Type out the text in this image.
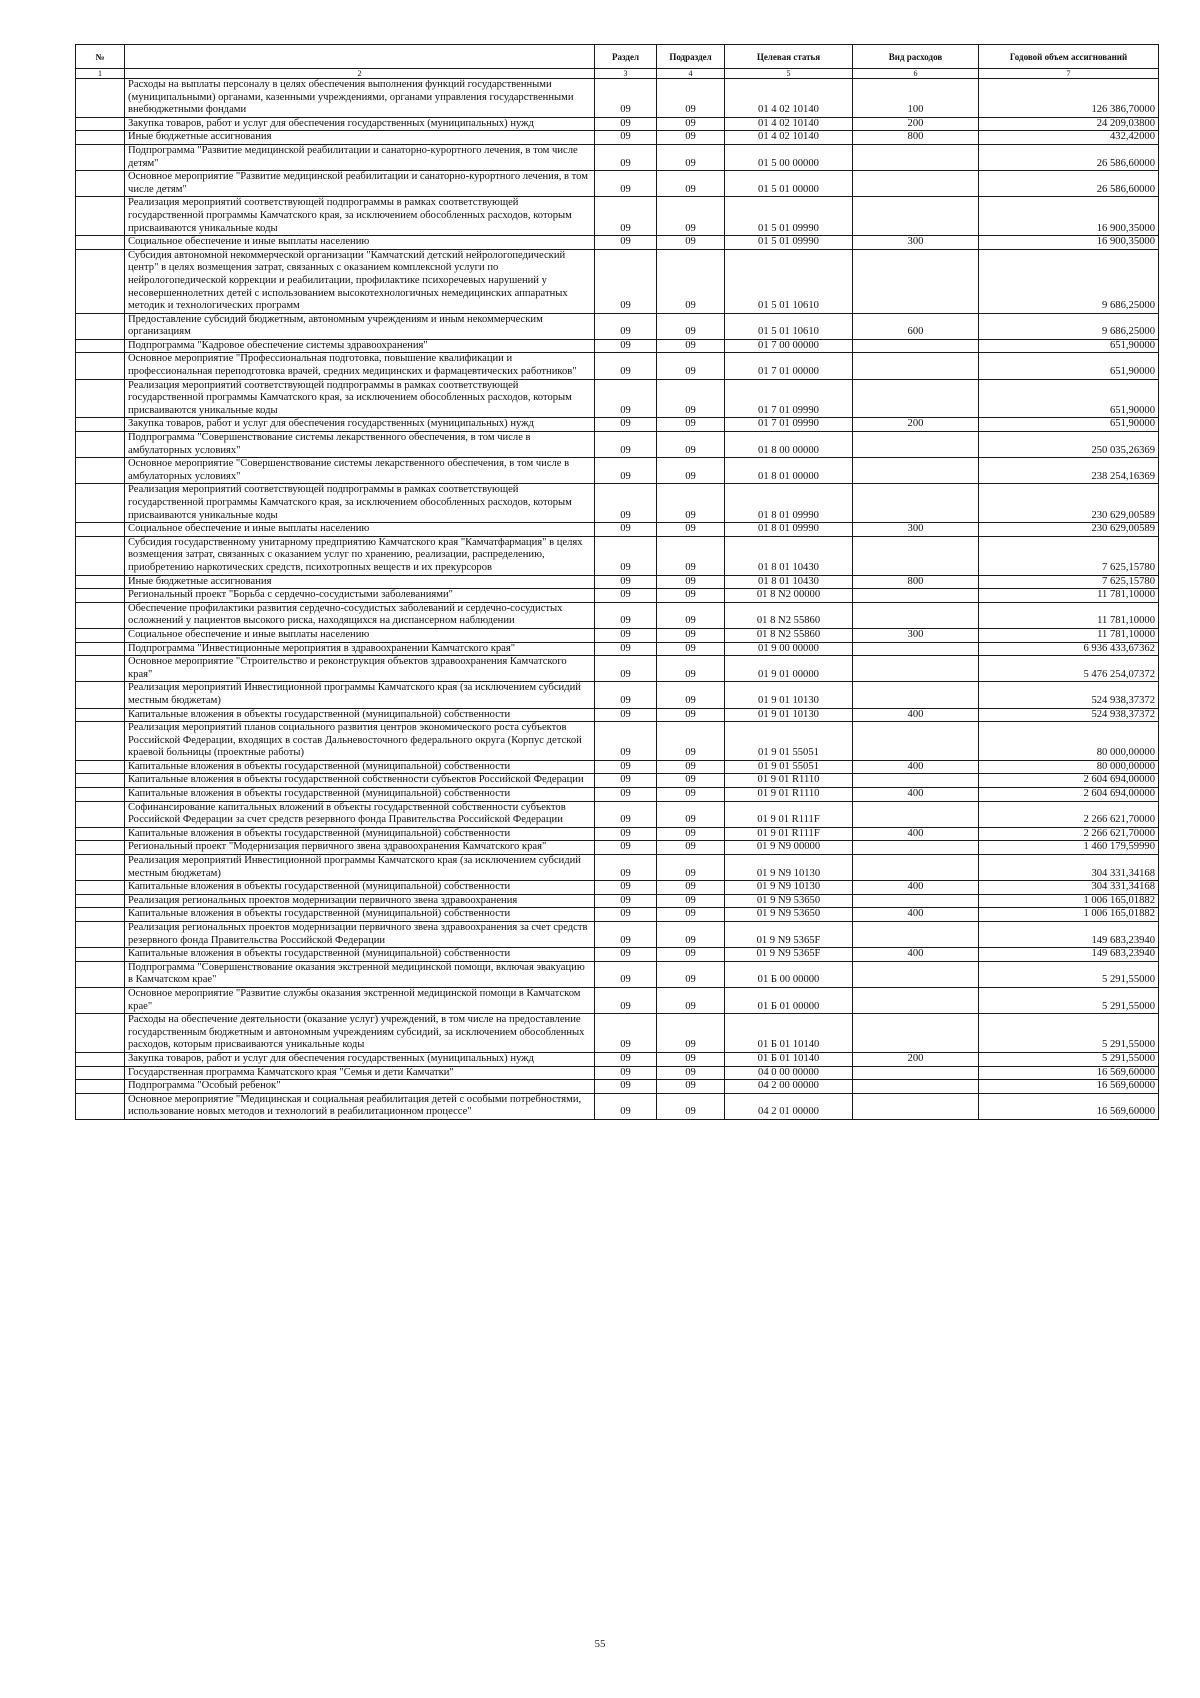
№		Раздел	Подраздел	Целевая статья	Вид расходов	Годовой объем ассигнований
1	2	3	4	5	6	7
	Расходы на выплаты персоналу в целях обеспечения выполнения функций государственными (муниципальными) органами, казенными учреждениями, органами управления государственными внебюджетными фондами	09	09	01 4 02 10140	100	126 386,70000
	Закупка товаров, работ и услуг для обеспечения государственных (муниципальных) нужд	09	09	01 4 02 10140	200	24 209,03800
	Иные бюджетные ассигнования	09	09	01 4 02 10140	800	432,42000
	Подпрограмма "Развитие медицинской реабилитации и санаторно-курортного лечения, в том числе детям"	09	09	01 5 00 00000		26 586,60000
	Основное мероприятие "Развитие медицинской реабилитации и санаторно-курортного лечения, в том числе детям"	09	09	01 5 01 00000		26 586,60000
	Реализация мероприятий соответствующей подпрограммы в рамках соответствующей государственной программы Камчатского края, за исключением обособленных расходов, которым присваиваются уникальные коды	09	09	01 5 01 09990		16 900,35000
	Социальное обеспечение и иные выплаты населению	09	09	01 5 01 09990	300	16 900,35000
	Субсидия автономной некоммерческой организации "Камчатский детский нейрологопедический центр" в целях возмещения затрат, связанных с оказанием комплексной услуги по нейрологопедической коррекции и реабилитации, профилактике психоречевых нарушений у несовершеннолетних детей с использованием высокотехнологичных немедицинских аппаратных методик и технологических программ	09	09	01 5 01 10610		9 686,25000
	Предоставление субсидий бюджетным, автономным учреждениям и иным некоммерческим организациям	09	09	01 5 01 10610	600	9 686,25000
	Подпрограмма "Кадровое обеспечение системы здравоохранения"	09	09	01 7 00 00000		651,90000
	Основное мероприятие "Профессиональная подготовка, повышение квалификации и профессиональная переподготовка врачей, средних медицинских и фармацевтических работников"	09	09	01 7 01 00000		651,90000
	Реализация мероприятий соответствующей подпрограммы в рамках соответствующей государственной программы Камчатского края, за исключением обособленных расходов, которым присваиваются уникальные коды	09	09	01 7 01 09990		651,90000
	Закупка товаров, работ и услуг для обеспечения государственных (муниципальных) нужд	09	09	01 7 01 09990	200	651,90000
	Подпрограмма "Совершенствование системы лекарственного обеспечения, в том числе в амбулаторных условиях"	09	09	01 8 00 00000		250 035,26369
	Основное мероприятие "Совершенствование системы лекарственного обеспечения, в том числе в амбулаторных условиях"	09	09	01 8 01 00000		238 254,16369
	Реализация мероприятий соответствующей подпрограммы в рамках соответствующей государственной программы Камчатского края, за исключением обособленных расходов, которым присваиваются уникальные коды	09	09	01 8 01 09990		230 629,00589
	Социальное обеспечение и иные выплаты населению	09	09	01 8 01 09990	300	230 629,00589
	Субсидия государственному унитарному предприятию Камчатского края "Камчатфармация" в целях возмещения затрат, связанных с оказанием услуг по хранению, реализации, распределению, приобретению наркотических средств, психотропных веществ и их прекурсоров	09	09	01 8 01 10430		7 625,15780
	Иные бюджетные ассигнования	09	09	01 8 01 10430	800	7 625,15780
	Региональный проект "Борьба с сердечно-сосудистыми заболеваниями"	09	09	01 8 N2 00000		11 781,10000
	Обеспечение профилактики развития сердечно-сосудистых заболеваний и сердечно-сосудистых осложнений у пациентов высокого риска, находящихся на диспансерном наблюдении	09	09	01 8 N2 55860		11 781,10000
	Социальное обеспечение и иные выплаты населению	09	09	01 8 N2 55860	300	11 781,10000
	Подпрограмма "Инвестиционные мероприятия в здравоохранении Камчатского края"	09	09	01 9 00 00000		6 936 433,67362
	Основное мероприятие "Строительство и реконструкция объектов здравоохранения Камчатского края"	09	09	01 9 01 00000		5 476 254,07372
	Реализация мероприятий Инвестиционной программы Камчатского края (за исключением субсидий местным бюджетам)	09	09	01 9 01 10130		524 938,37372
	Капитальные вложения в объекты государственной (муниципальной) собственности	09	09	01 9 01 10130	400	524 938,37372
	Реализация мероприятий планов социального развития центров экономического роста субъектов Российской Федерации, входящих в состав Дальневосточного федерального округа (Корпус детской краевой больницы (проектные работы)	09	09	01 9 01 55051		80 000,00000
	Капитальные вложения в объекты государственной (муниципальной) собственности	09	09	01 9 01 55051	400	80 000,00000
	Капитальные вложения в объекты государственной собственности субъектов Российской Федерации	09	09	01 9 01 R1110		2 604 694,00000
	Капитальные вложения в объекты государственной (муниципальной) собственности	09	09	01 9 01 R1110	400	2 604 694,00000
	Софинансирование капитальных вложений в объекты государственной собственности субъектов Российской Федерации за счет средств резервного фонда Правительства Российской Федерации	09	09	01 9 01 R111F		2 266 621,70000
	Капитальные вложения в объекты государственной (муниципальной) собственности	09	09	01 9 01 R111F	400	2 266 621,70000
	Региональный проект "Модернизация первичного звена здравоохранения Камчатского края"	09	09	01 9 N9 00000		1 460 179,59990
	Реализация мероприятий Инвестиционной программы Камчатского края (за исключением субсидий местным бюджетам)	09	09	01 9 N9 10130		304 331,34168
	Капитальные вложения в объекты государственной (муниципальной) собственности	09	09	01 9 N9 10130	400	304 331,34168
	Реализация региональных проектов модернизации первичного звена здравоохранения	09	09	01 9 N9 53650		1 006 165,01882
	Капитальные вложения в объекты государственной (муниципальной) собственности	09	09	01 9 N9 53650	400	1 006 165,01882
	Реализация региональных проектов модернизации первичного звена здравоохранения за счет средств резервного фонда Правительства Российской Федерации	09	09	01 9 N9 5365F		149 683,23940
	Капитальные вложения в объекты государственной (муниципальной) собственности	09	09	01 9 N9 5365F	400	149 683,23940
	Подпрограмма "Совершенствование оказания экстренной медицинской помощи, включая эвакуацию в Камчатском крае"	09	09	01 Б 00 00000		5 291,55000
	Основное мероприятие "Развитие службы оказания экстренной медицинской помощи в Камчатском крае"	09	09	01 Б 01 00000		5 291,55000
	Расходы на обеспечение деятельности (оказание услуг) учреждений, в том числе на предоставление государственным бюджетным и автономным учреждениям субсидий, за исключением обособленных расходов, которым присваиваются уникальные коды	09	09	01 Б 01 10140		5 291,55000
	Закупка товаров, работ и услуг для обеспечения государственных (муниципальных) нужд	09	09	01 Б 01 10140	200	5 291,55000
	Государственная программа Камчатского края "Семья и дети Камчатки"	09	09	04 0 00 00000		16 569,60000
	Подпрограмма "Особый ребенок"	09	09	04 2 00 00000		16 569,60000
	Основное мероприятие "Медицинская и социальная реабилитация детей с особыми потребностями, использование новых методов и технологий в реабилитационном процессе"	09	09	04 2 01 00000		16 569,60000
55
